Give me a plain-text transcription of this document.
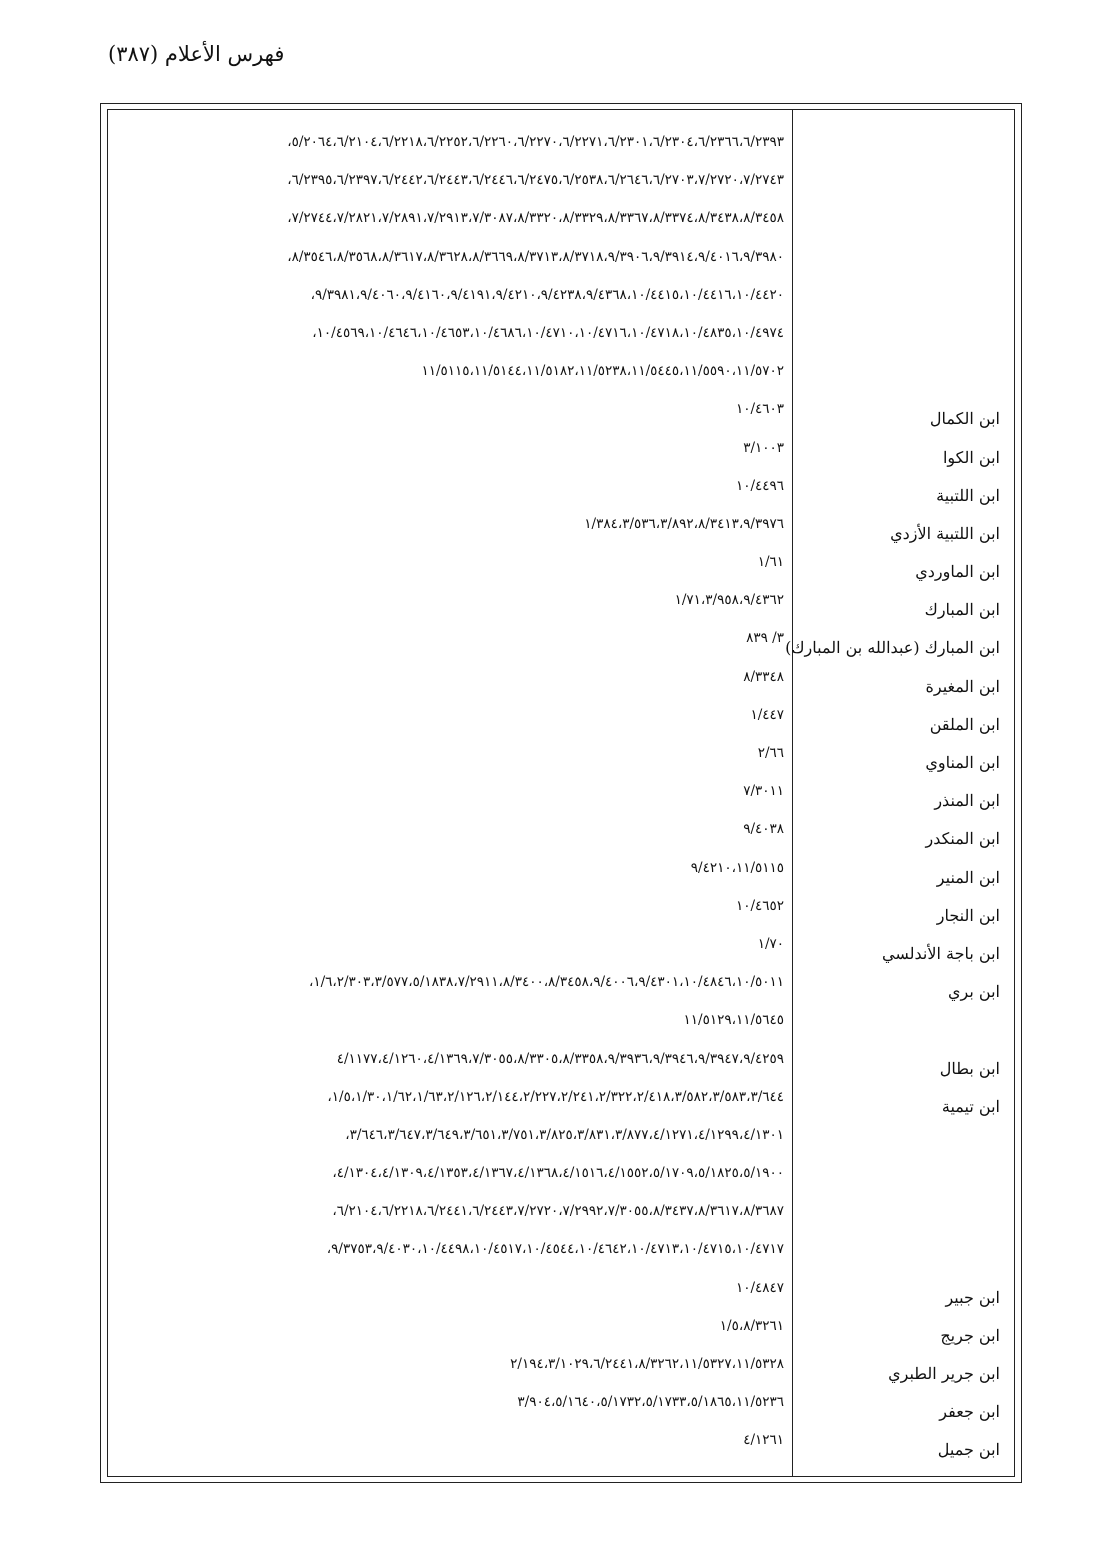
فهرس الأعلام (٣٨٧)
٥/٢٠٦٤،٦/٢١٠٤،٦/٢٢١٨،٦/٢٢٥٢،٦/٢٢٦٠،٦/٢٢٧٠،٦/٢٢٧١،٦/٢٣٠١،٦/٢٣٠٤،٦/٢٣٦٦،٦/٢٣٩٣،
٦/٢٣٩٥،٦/٢٣٩٧،٦/٢٤٤٢،٦/٢٤٤٣،٦/٢٤٤٦،٦/٢٤٧٥،٦/٢٥٣٨،٦/٢٦٤٦،٦/٢٧٠٣،٧/٢٧٢٠،٧/٢٧٤٣،
٧/٢٧٤٤،٧/٢٨٢١،٧/٢٨٩١،٧/٢٩١٣،٧/٣٠٨٧،٨/٣٣٢٠،٨/٣٣٢٩،٨/٣٣٦٧،٨/٣٣٧٤،٨/٣٤٣٨،٨/٣٤٥٨،
٨/٣٥٤٦،٨/٣٥٦٨،٨/٣٦١٧،٨/٣٦٢٨،٨/٣٦٦٩،٨/٣٧١٣،٨/٣٧١٨،٩/٣٩٠٦،٩/٣٩١٤،٩/٤٠١٦،٩/٣٩٨٠،
٩/٣٩٨١،٩/٤٠٦٠،٩/٤١٦٠،٩/٤١٩١،٩/٤٢١٠،٩/٤٢٣٨،٩/٤٣٦٨،١٠/٤٤١٥،١٠/٤٤١٦،١٠/٤٤٢٠،
١٠/٤٥٦٩،١٠/٤٦٤٦،١٠/٤٦٥٣،١٠/٤٦٨٦،١٠/٤٧١٠،١٠/٤٧١٦،١٠/٤٧١٨،١٠/٤٨٣٥،١٠/٤٩٧٤،
١١/٥١١٥،١١/٥١٤٤،١١/٥١٨٢،١١/٥٢٣٨،١١/٥٤٤٥،١١/٥٥٩٠،١١/٥٧٠٢
ابن الكمال
١٠/٤٦٠٣
ابن الكوا
٣/١٠٠٣
ابن اللتبية
١٠/٤٤٩٦
ابن اللتبية الأزدي
١/٣٨٤،٣/٥٣٦،٣/٨٩٢،٨/٣٤١٣،٩/٣٩٧٦
ابن الماوردي
١/٦١
ابن المبارك
١/٧١،٣/٩٥٨،٩/٤٣٦٢
ابن المبارك (عبدالله بن المبارك)
٣/ ٨٣٩
ابن المغيرة
٨/٣٣٤٨
ابن الملقن
١/٤٤٧
ابن المناوي
٢/٦٦
ابن المنذر
٧/٣٠١١
ابن المنكدر
٩/٤٠٣٨
ابن المنير
٩/٤٢١٠،١١/٥١١٥
ابن النجار
١٠/٤٦٥٢
ابن باجة الأندلسي
١/٧٠
ابن بري
١/٦،٢/٣٠٣،٣/٥٧٧،٥/١٨٣٨،٧/٢٩١١،٨/٣٤٠٠،٨/٣٤٥٨،٩/٤٠٠٦،٩/٤٣٠١،١٠/٤٨٤٦،١٠/٥٠١١،
١١/٥١٢٩،١١/٥٦٤٥
ابن بطال
٤/١١٧٧،٤/١٢٦٠،٤/١٣٦٩،٧/٣٠٥٥،٨/٣٣٠٥،٨/٣٣٥٨،٩/٣٩٣٦،٩/٣٩٤٦،٩/٣٩٤٧،٩/٤٢٥٩
ابن تيمية
١/٥،١/٣٠،١/٦٢،١/٦٣،٢/١٢٦،٢/١٤٤،٢/٢٢٧،٢/٢٤١،٢/٣٢٢،٢/٤١٨،٣/٥٨٢،٣/٥٨٣،٣/٦٤٤،
٣/٦٤٦،٣/٦٤٧،٣/٦٤٩،٣/٦٥١،٣/٧٥١،٣/٨٢٥،٣/٨٣١،٣/٨٧٧،٤/١٢٧١،٤/١٢٩٩،٤/١٣٠١،
٤/١٣٠٤،٤/١٣٠٩،٤/١٣٥٣،٤/١٣٦٧،٤/١٣٦٨،٤/١٥١٦،٤/١٥٥٢،٥/١٧٠٩،٥/١٨٢٥،٥/١٩٠٠،
٦/٢١٠٤،٦/٢٢١٨،٦/٢٤٤١،٦/٢٤٤٣،٧/٢٧٢٠،٧/٢٩٩٢،٧/٣٠٥٥،٨/٣٤٣٧،٨/٣٦١٧،٨/٣٦٨٧،
٩/٣٧٥٣،٩/٤٠٣٠،١٠/٤٤٩٨،١٠/٤٥١٧،١٠/٤٥٤٤،١٠/٤٦٤٢،١٠/٤٧١٣،١٠/٤٧١٥،١٠/٤٧١٧،
ابن جبير
١٠/٤٨٤٧
ابن جريج
١/٥،٨/٣٢٦١
ابن جرير الطبري
٢/١٩٤،٣/١٠٢٩،٦/٢٤٤١،٨/٣٢٦٢،١١/٥٣٢٧،١١/٥٣٢٨
ابن جعفر
٣/٩٠٤،٥/١٦٤٠،٥/١٧٣٢،٥/١٧٣٣،٥/١٨٦٥،١١/٥٢٣٦
ابن جميل
٤/١٢٦١
